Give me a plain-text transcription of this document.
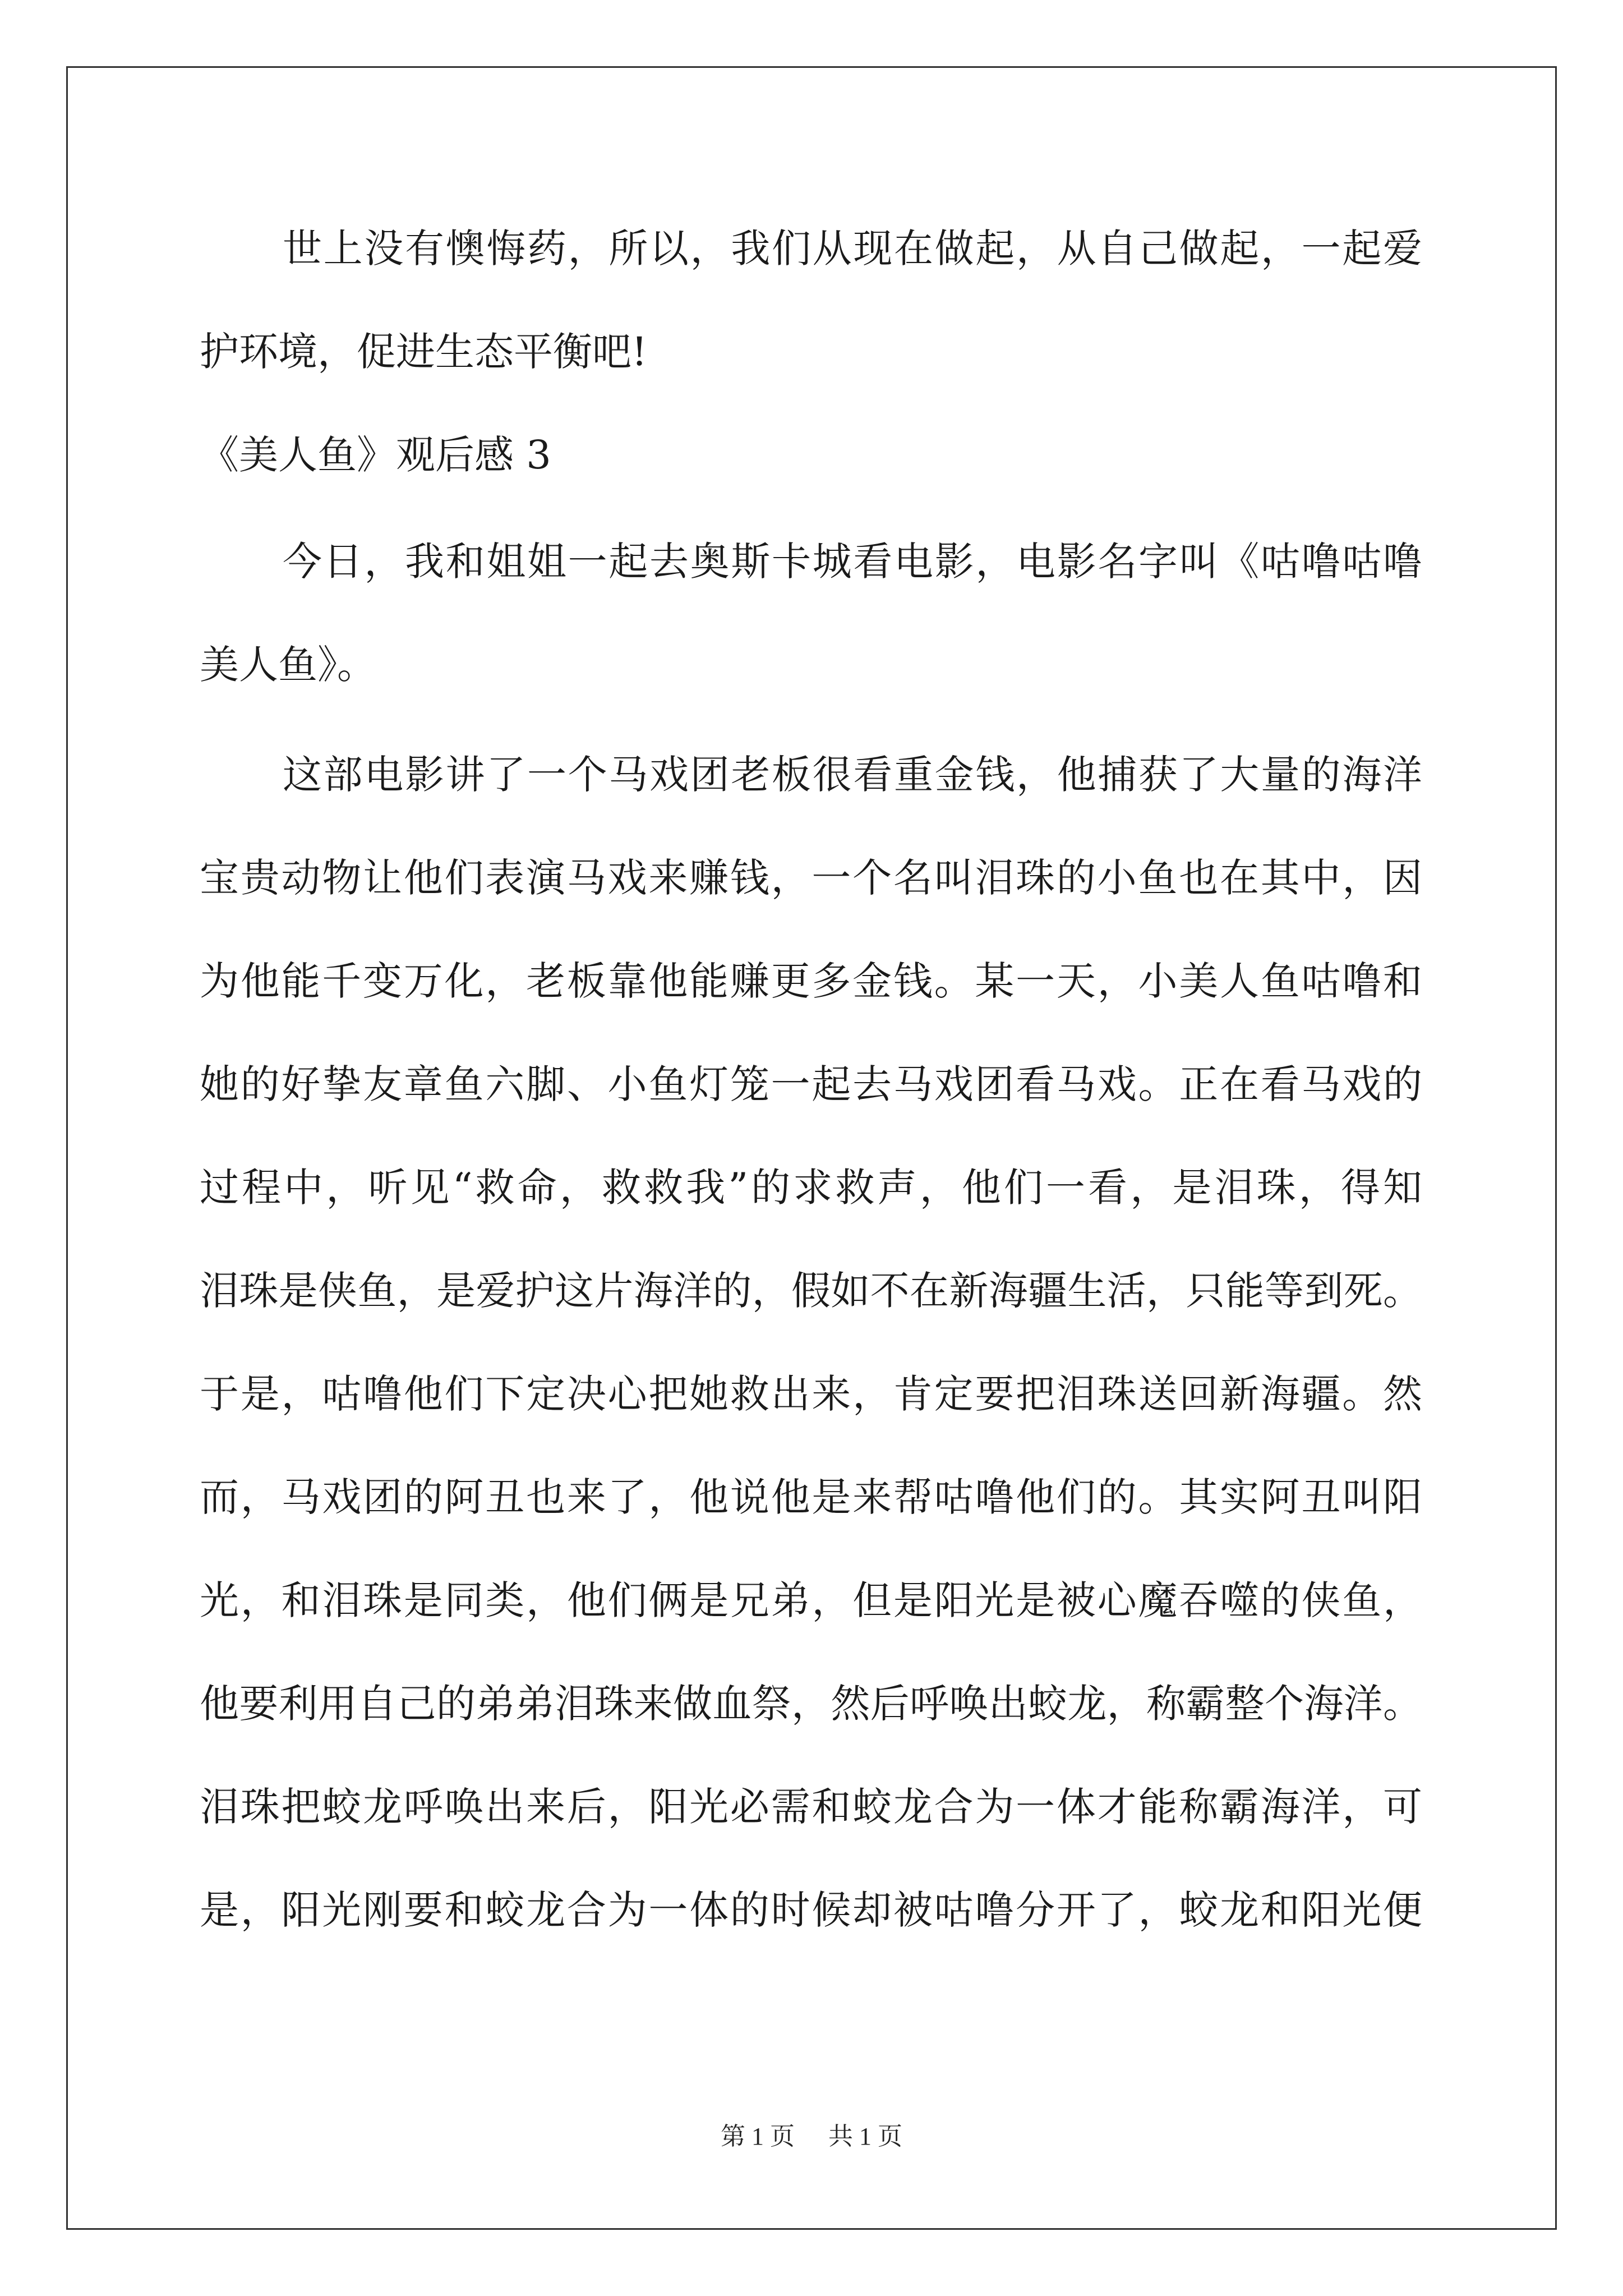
世上没有懊悔药，所以，我们从现在做起，从自己做起，一起爱
护环境，促进生态平衡吧!
《美人鱼》观后感 3
今日，我和姐姐一起去奥斯卡城看电影，电影名字叫《咕噜咕噜
美人鱼》。
这部电影讲了一个马戏团老板很看重金钱，他捕获了大量的海洋
宝贵动物让他们表演马戏来赚钱，一个名叫泪珠的小鱼也在其中，因
为他能千变万化，老板靠他能赚更多金钱。某一天，小美人鱼咕噜和
她的好挚友章鱼六脚、小鱼灯笼一起去马戏团看马戏。正在看马戏的
过程中，听见“救命，救救我”的求救声，他们一看，是泪珠，得知
泪珠是侠鱼，是爱护这片海洋的，假如不在新海疆生活，只能等到死。
于是，咕噜他们下定决心把她救出来，肯定要把泪珠送回新海疆。然
而，马戏团的阿丑也来了，他说他是来帮咕噜他们的。其实阿丑叫阳
光，和泪珠是同类，他们俩是兄弟，但是阳光是被心魔吞噬的侠鱼，
他要利用自己的弟弟泪珠来做血祭，然后呼唤出蛟龙，称霸整个海洋。
泪珠把蛟龙呼唤出来后，阳光必需和蛟龙合为一体才能称霸海洋，可
是，阳光刚要和蛟龙合为一体的时候却被咕噜分开了，蛟龙和阳光便
第 1 页 共 1 页
